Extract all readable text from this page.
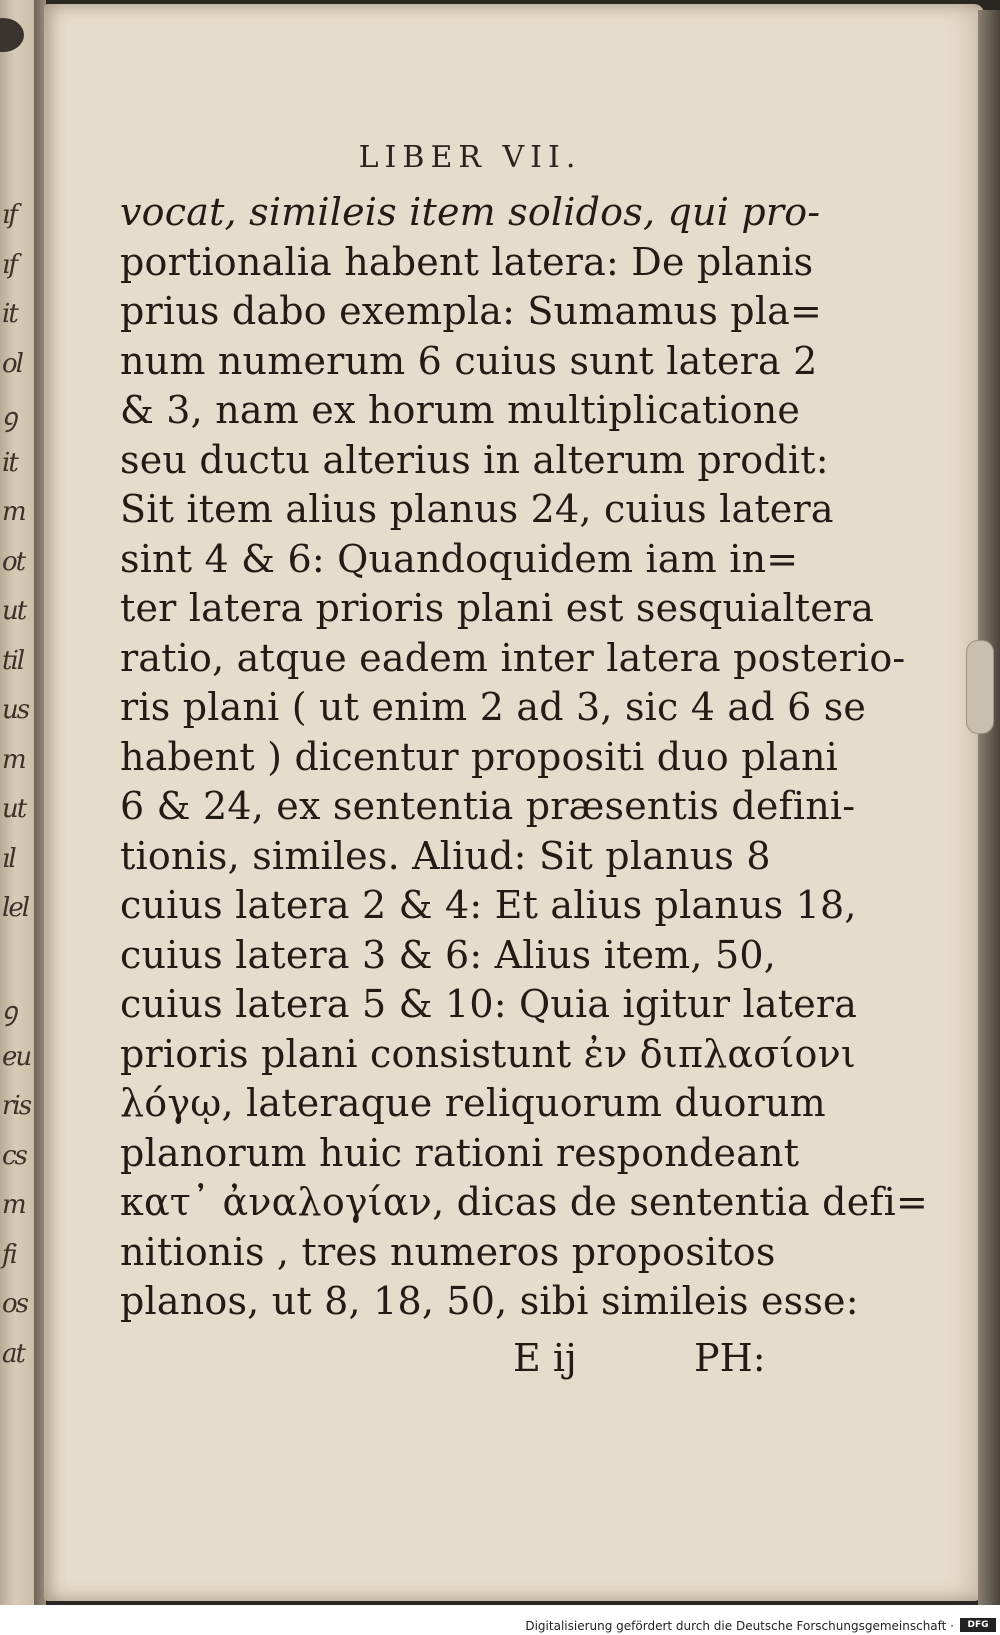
ıf
ıf
it
ol
ꝯ
it
m
ot
ut
til
us
m
ut
ıl
lel
ꝯ
eu
ris
cs
m
fi
os
at
LIBER VII.
vocat, simileis item solidos, qui pro-
portionalia habent latera: De planis
prius dabo exempla: Sumamus pla=
num numerum 6 cuius sunt latera 2
& 3, nam ex horum multiplicatione
seu ductu alterius in alterum prodit:
Sit item alius planus 24, cuius latera
sint 4 & 6: Quandoquidem iam in=
ter latera prioris plani est sesquialtera
ratio, atque eadem inter latera posterio-
ris plani ( ut enim 2 ad 3, sic 4 ad 6 se
habent ) dicentur propositi duo plani
6 & 24, ex sententia præsentis defini-
tionis, similes. Aliud: Sit planus 8
cuius latera 2 & 4: Et alius planus 18,
cuius latera 3 & 6: Alius item, 50,
cuius latera 5 & 10: Quia igitur latera
prioris plani consistunt ἐν διπλασίονι
λόγῳ, lateraque reliquorum duorum
planorum huic rationi respondeant
κατ᾽ ἀναλογίαν, dicas de sententia defi=
nitionis , tres numeros propositos
planos, ut 8, 18, 50, sibi simileis esse:
E ij	PH:
Digitalisierung gefördert durch die Deutsche Forschungsgemeinschaft ·	DFG
